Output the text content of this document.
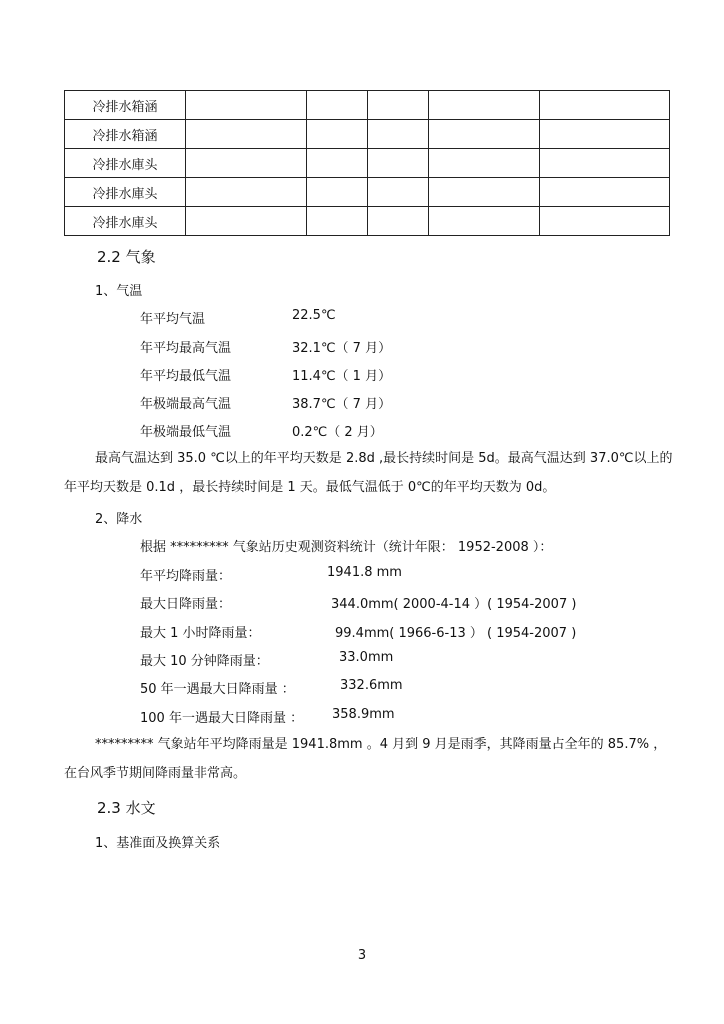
冷排水箱涵					
冷排水箱涵					
冷排水庫头					
冷排水庫头					
冷排水庫头					
2.2 气象
1、气温
年平均气温	22.5℃
年平均最高气温	32.1℃（ 7 月）
年平均最低气温	11.4℃（ 1 月）
年极端最高气温	38.7℃（ 7 月）
年极端最低气温	0.2℃（ 2 月）
最高气温达到 35.0 ℃以上的年平均天数是 2.8d ,最长持续时间是 5d。最高气温达到 37.0℃以上的年平均天数是 0.1d ，最长持续时间是 1 天。最低气温低于 0℃的年平均天数为 0d。
2、降水
根据 ********* 气象站历史观测资料统计（统计年限： 1952-2008 ）：
年平均降雨量：	1941.8 mm
最大日降雨量：	344.0mm( 2000-4-14 ）( 1954-2007 )
最大 1 小时降雨量：	99.4mm( 1966-6-13 ） ( 1954-2007 )
最大 10 分钟降雨量：	33.0mm
50 年一遇最大日降雨量 ：	332.6mm
100 年一遇最大日降雨量 ： 358.9mm
********* 气象站年平均降雨量是 1941.8mm 。4 月到 9 月是雨季，其降雨量占全年的 85.7% ，在台风季节期间降雨量非常高。
2.3 水文
1、基准面及换算关系
3
